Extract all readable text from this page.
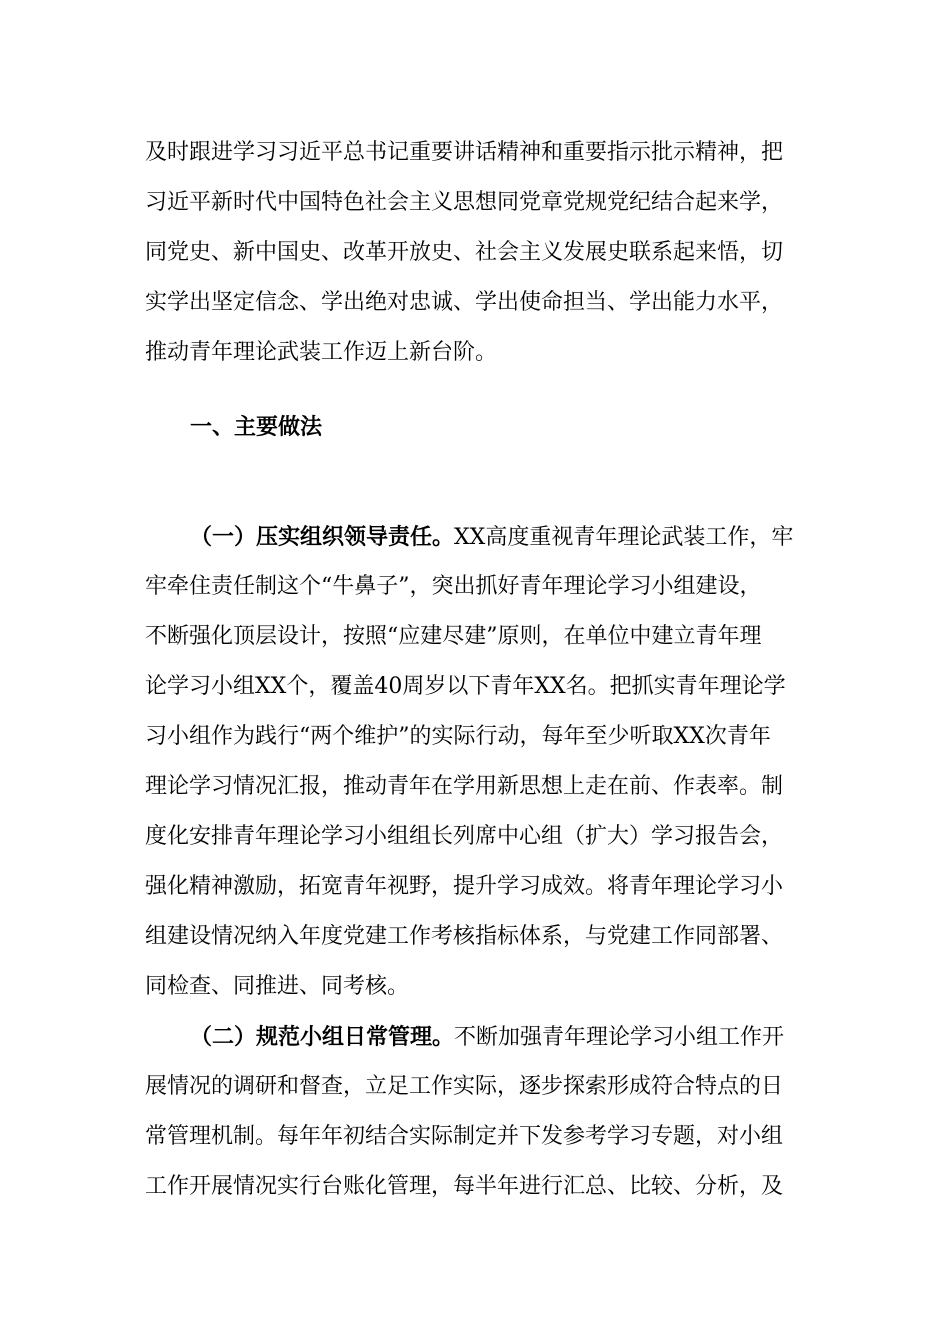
及时跟进学习习近平总书记重要讲话精神和重要指示批示精神，把
习近平新时代中国特色社会主义思想同党章党规党纪结合起来学，
同党史、新中国史、改革开放史、社会主义发展史联系起来悟，切
实学出坚定信念、学出绝对忠诚、学出使命担当、学出能力水平，
推动青年理论武装工作迈上新台阶。
一、主要做法
（一）压实组织领导责任。XX高度重视青年理论武装工作，牢
牢牵住责任制这个“牛鼻子”，突出抓好青年理论学习小组建设，
不断强化顶层设计，按照“应建尽建”原则，在单位中建立青年理
论学习小组XX个，覆盖40周岁以下青年XX名。把抓实青年理论学
习小组作为践行“两个维护”的实际行动，每年至少听取XX次青年
理论学习情况汇报，推动青年在学用新思想上走在前、作表率。制
度化安排青年理论学习小组组长列席中心组（扩大）学习报告会，
强化精神激励，拓宽青年视野，提升学习成效。将青年理论学习小
组建设情况纳入年度党建工作考核指标体系，与党建工作同部署、
同检查、同推进、同考核。
（二）规范小组日常管理。不断加强青年理论学习小组工作开
展情况的调研和督查，立足工作实际，逐步探索形成符合特点的日
常管理机制。每年年初结合实际制定并下发参考学习专题，对小组
工作开展情况实行台账化管理，每半年进行汇总、比较、分析，及
